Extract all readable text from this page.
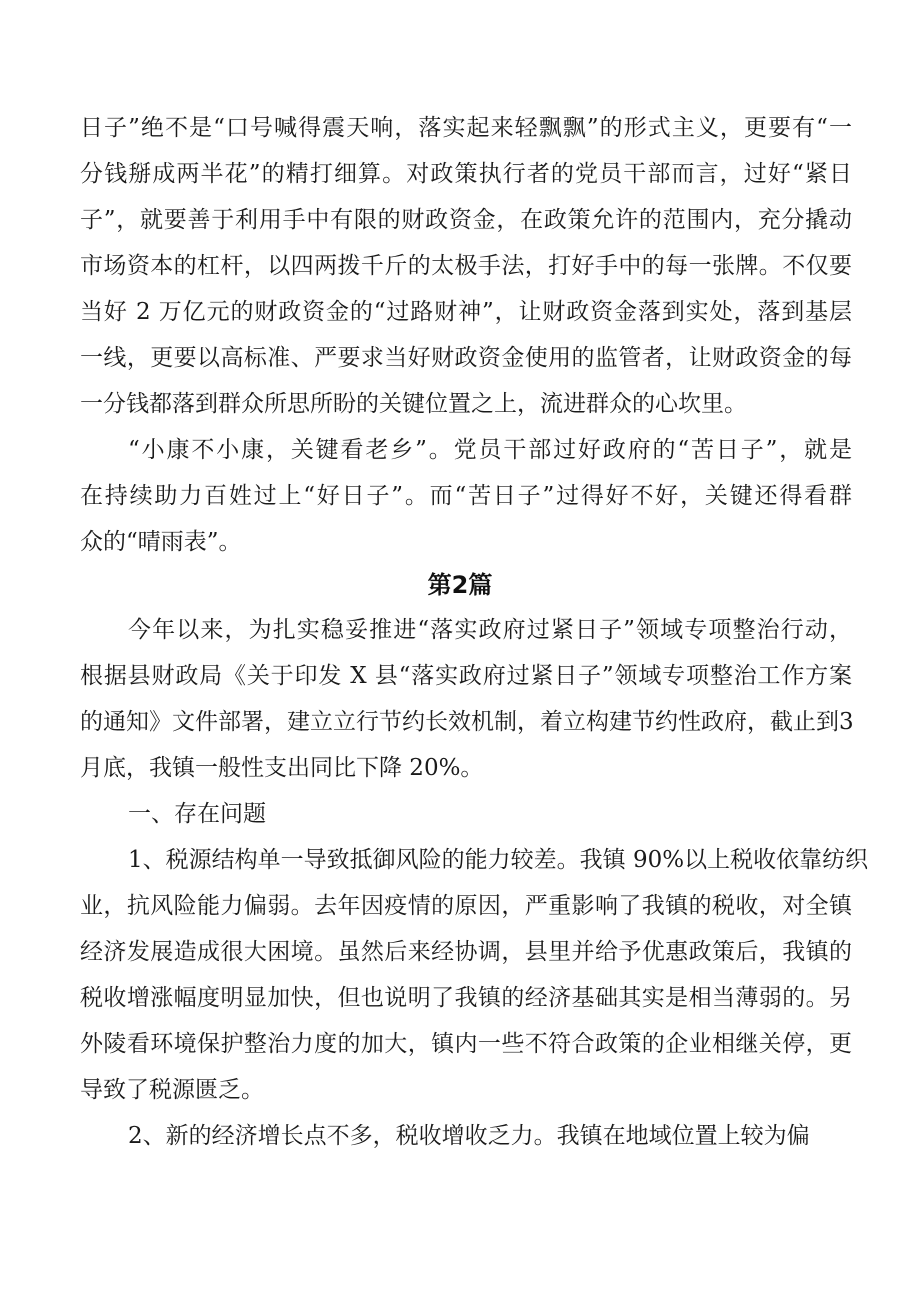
日子”绝不是“口号喊得震天响，落实起来轻飘飘”的形式主义，更要有“一
分钱掰成两半花”的精打细算。对政策执行者的党员干部而言，过好“紧日
子”，就要善于利用手中有限的财政资金，在政策允许的范围内，充分撬动
市场资本的杠杆，以四两拨千斤的太极手法，打好手中的每一张牌。不仅要
当好 2 万亿元的财政资金的“过路财神”，让财政资金落到实处，落到基层
一线，更要以高标准、严要求当好财政资金使用的监管者，让财政资金的每
一分钱都落到群众所思所盼的关键位置之上，流进群众的心坎里。
“小康不小康，关键看老乡”。党员干部过好政府的“苦日子”，就是
在持续助力百姓过上“好日子”。而“苦日子”过得好不好，关键还得看群
众的“晴雨表”。
第2篇
今年以来，为扎实稳妥推进“落实政府过紧日子”领域专项整治行动，
根据县财政局《关于印发 X 县“落实政府过紧日子”领域专项整治工作方案
的通知》文件部署，建立立行节约长效机制，着立构建节约性政府，截止到3
月底，我镇一般性支出同比下降 20%。
一、存在问题
1、税源结构单一导致抵御风险的能力较差。我镇 90%以上税收依靠纺织
业，抗风险能力偏弱。去年因疫情的原因，严重影响了我镇的税收，对全镇
经济发展造成很大困境。虽然后来经协调，县里并给予优惠政策后，我镇的
税收增涨幅度明显加快，但也说明了我镇的经济基础其实是相当薄弱的。另
外陵看环境保护整治力度的加大，镇内一些不符合政策的企业相继关停，更
导致了税源匮乏。
2、新的经济增长点不多，税收增收乏力。我镇在地域位置上较为偏
